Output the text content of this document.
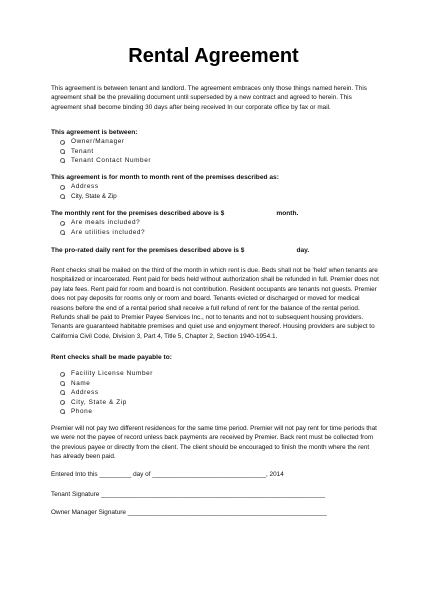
Rental Agreement
This agreement is between tenant and landlord. The agreement embraces only those things named herein. This agreement shall be the prevailing document until superseded by a new contract and agreed to herein. This agreement shall become binding 30 days after being received In our corporate office by fax or mail.
This agreement is between:
Owner/Manager
Tenant
Tenant Contact Number
This agreement is for month to month rent of the premises described as:
Address
City, State & Zip
The monthly rent for the premises described above is $	month.
Are meals included?
Are utilities included?
The pro-rated daily rent for the premises described above is $	day.
Rent checks shall be mailed on the third of the month in which rent is due. Beds shall not be 'held' when tenants are hospitalized or incarcerated. Rent paid for beds held without authorization shall be refunded in full. Premier does not pay late fees. Rent paid for room and board is not contribution. Resident occupants are tenants not guests. Premier does not pay deposits for rooms only or room and board. Tenants evicted or discharged or moved for medical reasons before the end of a rental period shall receive a full refund of rent for the balance of the rental period. Refunds shall be paid to Premier Payee Services Inc., not to tenants and not to subsequent housing providers. Tenants are guaranteed habitable premises and quiet use and enjoyment thereof. Housing providers are subject to California Civil Code, Division 3, Part 4, Title 5, Chapter 2, Section 1940-1954.1.
Rent checks shall be made payable to:
Facility License Number
Name
Address
City, State & Zip
Phone
Premier will not pay two different residences for the same time period. Premier will not pay rent for time periods that we were not the payee of record unless back payments are received by Premier. Back rent must be collected from the previous payee or directly from the client. The client should be encouraged to finish the month where the rent has already been paid.
Entered Into this _________ day of ________________________________, 2014
Tenant Signature _______________________________________________________________
Owner Manager Signature ________________________________________________________
